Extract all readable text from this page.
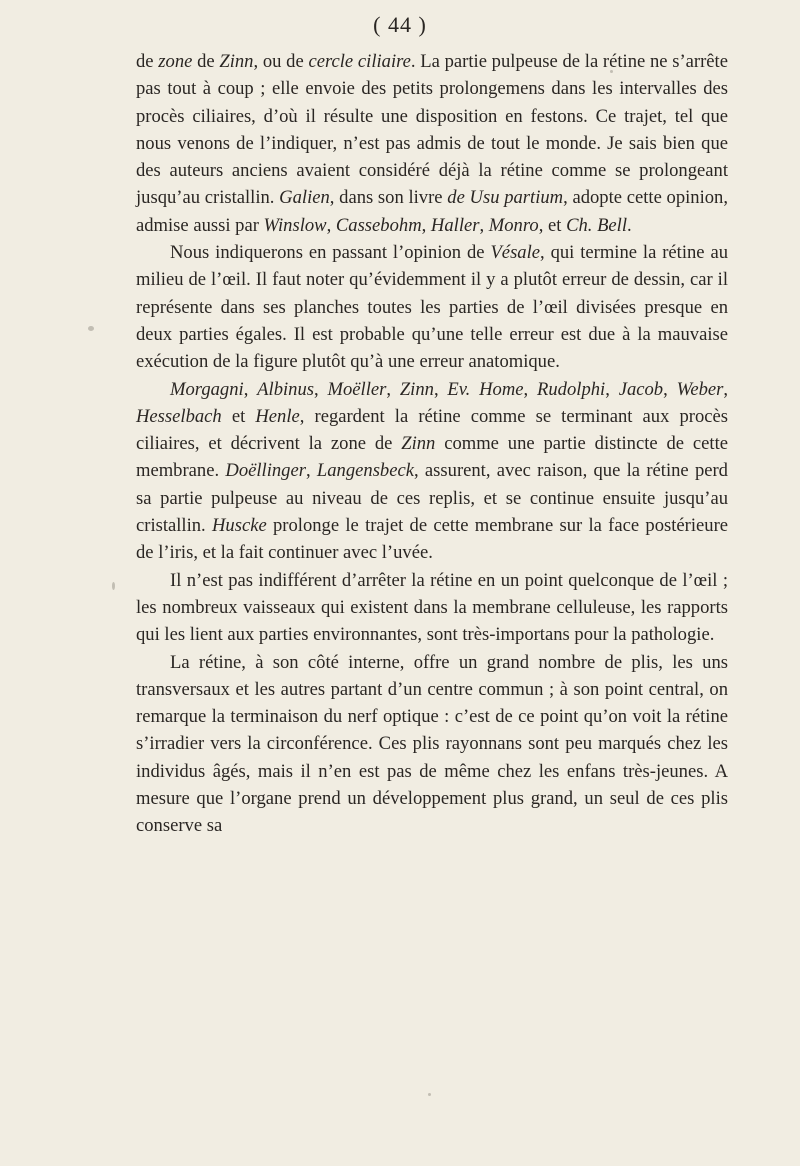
( 44 )

de zone de Zinn, ou de cercle ciliaire. La partie pulpeuse de la rétine ne s’arrête pas tout à coup ; elle envoie des petits prolongemens dans les intervalles des procès ciliaires, d’où il résulte une disposition en festons. Ce trajet, tel que nous venons de l’indiquer, n’est pas admis de tout le monde. Je sais bien que des auteurs anciens avaient considéré déjà la rétine comme se prolongeant jusqu’au cristallin. Galien, dans son livre de Usu partium, adopte cette opinion, admise aussi par Winslow, Cassebohm, Haller, Monro, et Ch. Bell.

Nous indiquerons en passant l’opinion de Vésale, qui termine la rétine au milieu de l’œil. Il faut noter qu’évidemment il y a plutôt erreur de dessin, car il représente dans ses planches toutes les parties de l’œil divisées presque en deux parties égales. Il est probable qu’une telle erreur est due à la mauvaise exécution de la figure plutôt qu’à une erreur anatomique.

Morgagni, Albinus, Moëller, Zinn, Ev. Home, Rudolphi, Jacob, Weber, Hesselbach et Henle, regardent la rétine comme se terminant aux procès ciliaires, et décrivent la zone de Zinn comme une partie distincte de cette membrane. Doëllinger, Langensbeck, assurent, avec raison, que la rétine perd sa partie pulpeuse au niveau de ces replis, et se continue ensuite jusqu’au cristallin. Huscke prolonge le trajet de cette membrane sur la face postérieure de l’iris, et la fait continuer avec l’uvée.

Il n’est pas indifférent d’arrêter la rétine en un point quelconque de l’œil ; les nombreux vaisseaux qui existent dans la membrane celluleuse, les rapports qui les lient aux parties environnantes, sont très-importans pour la pathologie.

La rétine, à son côté interne, offre un grand nombre de plis, les uns transversaux et les autres partant d’un centre commun ; à son point central, on remarque la terminaison du nerf optique : c’est de ce point qu’on voit la rétine s’irradier vers la circonférence. Ces plis rayonnans sont peu marqués chez les individus âgés, mais il n’en est pas de même chez les enfans très-jeunes. A mesure que l’organe prend un développement plus grand, un seul de ces plis conserve sa
